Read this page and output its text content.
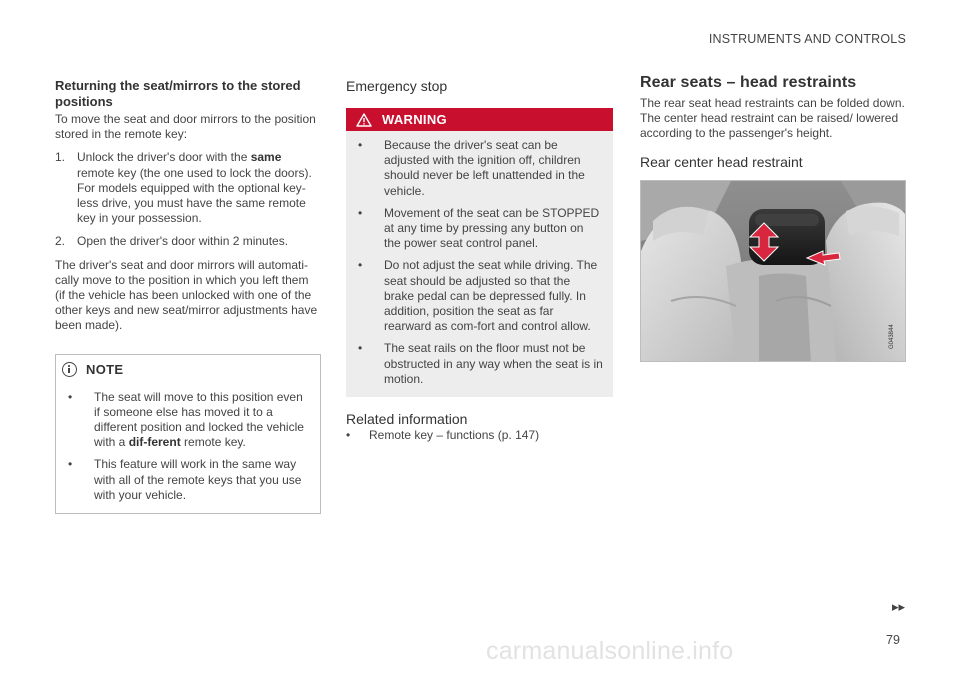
INSTRUMENTS AND CONTROLS
Returning the seat/mirrors to the stored
positions

To move the seat and door mirrors to the position stored in the remote key:

1. Unlock the driver's door with the same remote key (the one used to lock the doors). For models equipped with the optional key-less drive, you must have the same remote key in your possession.
2. Open the driver's door within 2 minutes.

The driver's seat and door mirrors will automati-cally move to the position in which you left them (if the vehicle has been unlocked with one of the other keys and new seat/mirror adjustments have been made).

NOTE
•	The seat will move to this position even if someone else has moved it to a different position and locked the vehicle with a dif-ferent remote key.
•	This feature will work in the same way with all of the remote keys that you use with your vehicle.
Emergency stop
WARNING
•	Because the driver's seat can be adjusted with the ignition off, children should never be left unattended in the vehicle.
•	Movement of the seat can be STOPPED at any time by pressing any button on the power seat control panel.
•	Do not adjust the seat while driving. The seat should be adjusted so that the brake pedal can be depressed fully. In addition, position the seat as far rearward as com-fort and control allow.
•	The seat rails on the floor must not be obstructed in any way when the seat is in motion.
Related information
•	Remote key – functions (p. 147)
Rear seats – head restraints

The rear seat head restraints can be folded down. The center head restraint can be raised/ lowered according to the passenger's height.

Rear center head restraint
G043844
▸▸
79
carmanualsonline.info
